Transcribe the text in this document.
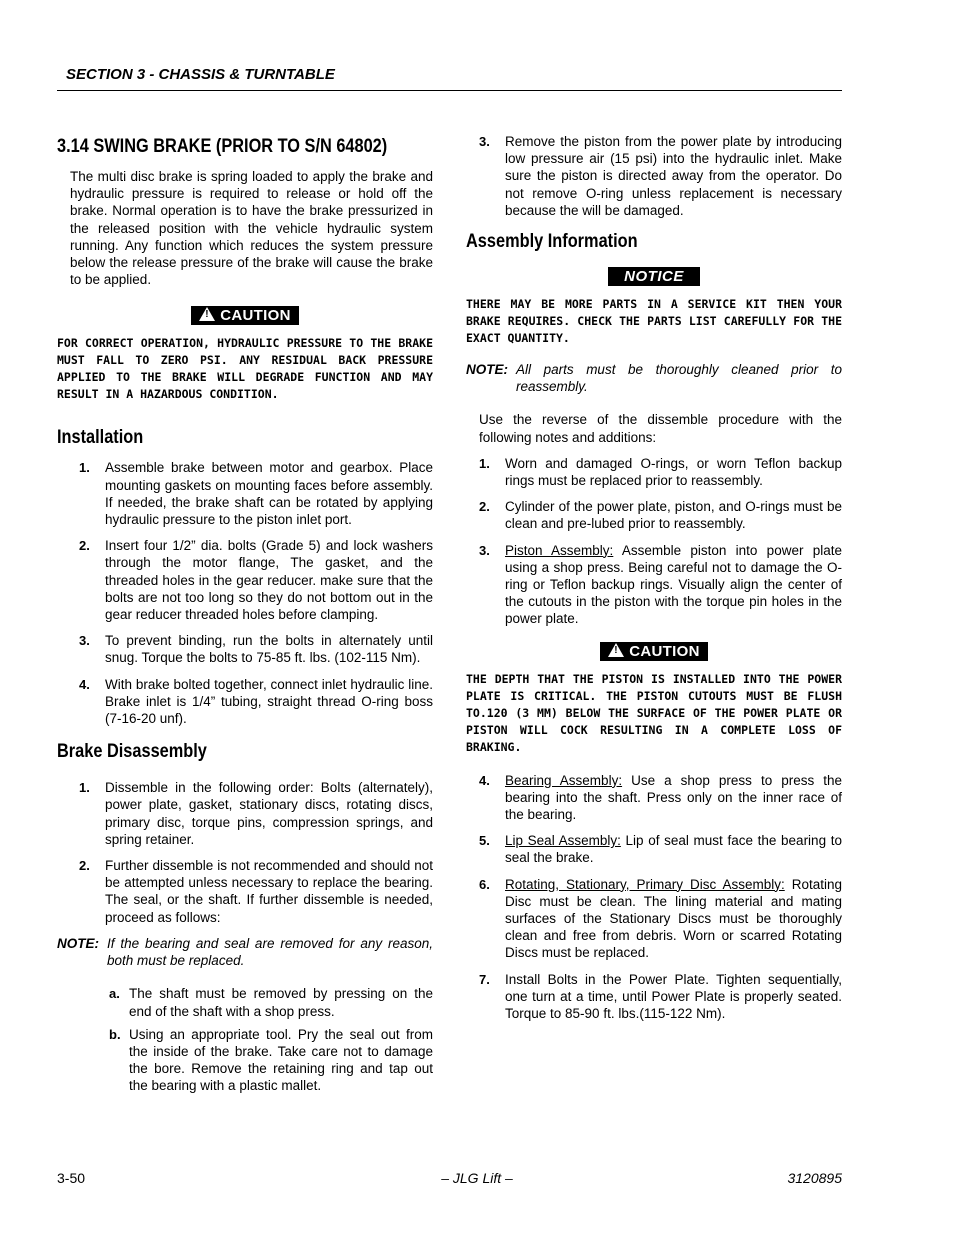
SECTION 3 - CHASSIS & TURNTABLE
3.14 SWING BRAKE (PRIOR TO S/N 64802)

The multi disc brake is spring loaded to apply the brake and hydraulic pressure is required to release or hold off the brake. Normal operation is to have the brake pressurized in the released position with the vehicle hydraulic system running. Any function which reduces the system pressure below the release pressure of the brake will cause the brake to be applied.

! CAUTION

FOR CORRECT OPERATION, HYDRAULIC PRESSURE TO THE BRAKE MUST FALL TO ZERO PSI. ANY RESIDUAL BACK PRESSURE APPLIED TO THE BRAKE WILL DEGRADE FUNCTION AND MAY RESULT IN A HAZARDOUS CONDITION.

Installation
1. Assemble brake between motor and gearbox. Place mounting gaskets on mounting faces before assembly. If needed, the brake shaft can be rotated by applying hydraulic pressure to the piston inlet port.
2. Insert four 1/2” dia. bolts (Grade 5) and lock washers through the motor flange, The gasket, and the threaded holes in the gear reducer. make sure that the bolts are not too long so they do not bottom out in the gear reducer threaded holes before clamping.
3. To prevent binding, run the bolts in alternately until snug. Torque the bolts to 75-85 ft. lbs. (102-115 Nm).
4. With brake bolted together, connect inlet hydraulic line. Brake inlet is 1/4” tubing, straight thread O-ring boss (7-16-20 unf).
Brake Disassembly
1. Dissemble in the following order: Bolts (alternately), power plate, gasket, stationary discs, rotating discs, primary disc, torque pins, compression springs, and spring retainer.
2. Further dissemble is not recommended and should not be attempted unless necessary to replace the bearing. The seal, or the shaft. If further dissemble is needed, proceed as follows:
NOTE: If the bearing and seal are removed for any reason, both must be replaced.
a. The shaft must be removed by pressing on the end of the shaft with a shop press.
b. Using an appropriate tool. Pry the seal out from the inside of the brake. Take care not to damage the bore. Remove the retaining ring and tap out the bearing with a plastic mallet.
3. Remove the piston from the power plate by introducing low pressure air (15 psi) into the hydraulic inlet. Make sure the piston is directed away from the operator. Do not remove O-ring unless replacement is necessary because the will be damaged.
Assembly Information
NOTICE

THERE MAY BE MORE PARTS IN A SERVICE KIT THEN YOUR BRAKE REQUIRES. CHECK THE PARTS LIST CAREFULLY FOR THE EXACT QUANTITY.

NOTE: All parts must be thoroughly cleaned prior to reassembly.

Use the reverse of the dissemble procedure with the following notes and additions:

1. Worn and damaged O-rings, or worn Teflon backup rings must be replaced prior to reassembly.
2. Cylinder of the power plate, piston, and O-rings must be clean and pre-lubed prior to reassembly.
3. Piston Assembly: Assemble piston into power plate using a shop press. Being careful not to damage the O-ring or Teflon backup rings. Visually align the center of the cutouts in the piston with the torque pin holes in the power plate.
! CAUTION

THE DEPTH THAT THE PISTON IS INSTALLED INTO THE POWER PLATE IS CRITICAL. THE PISTON CUTOUTS MUST BE FLUSH TO.120 (3 MM) BELOW THE SURFACE OF THE POWER PLATE OR PISTON WILL COCK RESULTING IN A COMPLETE LOSS OF BRAKING.

4. Bearing Assembly: Use a shop press to press the bearing into the shaft. Press only on the inner race of the bearing.
5. Lip Seal Assembly: Lip of seal must face the bearing to seal the brake.
6. Rotating, Stationary, Primary Disc Assembly: Rotating Disc must be clean. The lining material and mating surfaces of the Stationary Discs must be thoroughly clean and free from debris. Worn or scarred Rotating Discs must be replaced.
7. Install Bolts in the Power Plate. Tighten sequentially, one turn at a time, until Power Plate is properly seated. Torque to 85-90 ft. lbs.(115-122 Nm).
3-50	– JLG Lift –	3120895
